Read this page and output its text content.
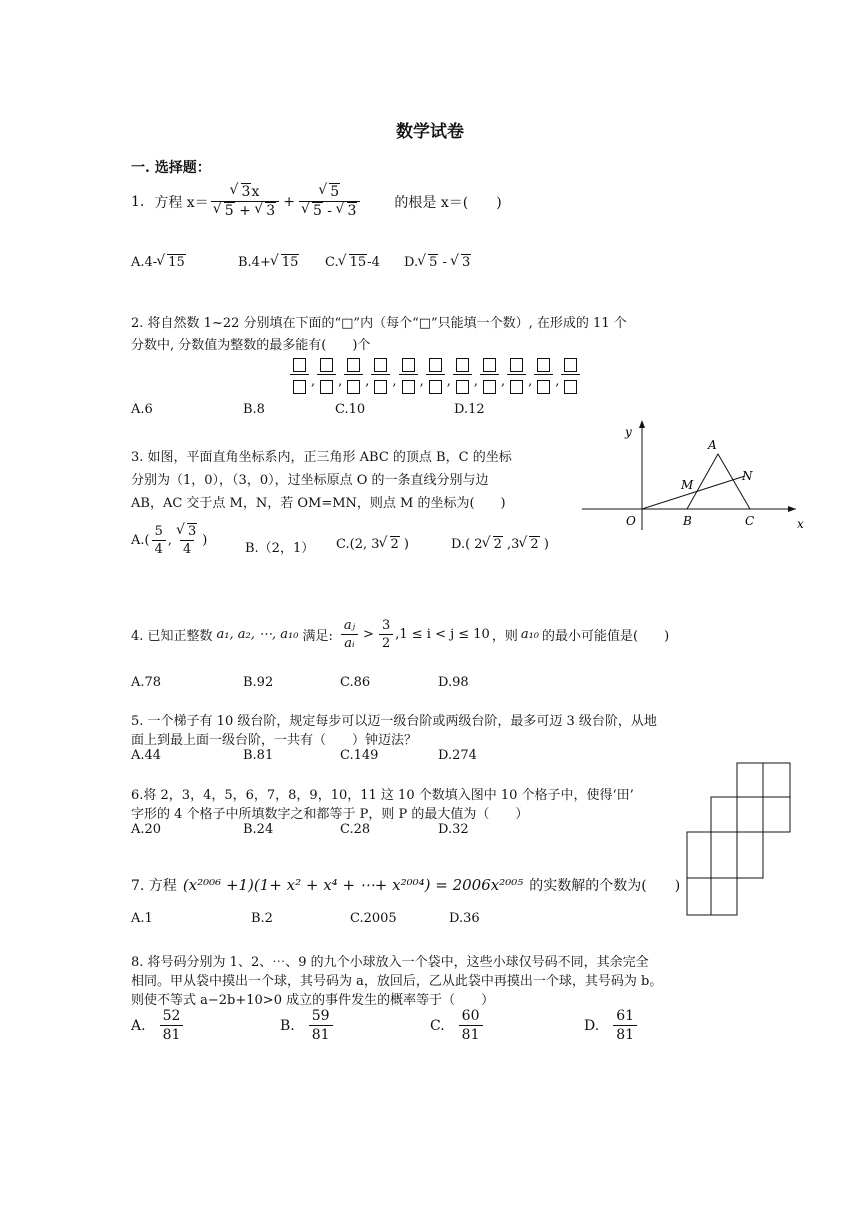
数学试卷
一. 选择题：
1. 方程 x＝ √ 3x
√ 5 + √ 3 + √ 5
√ 5 - √ 3 的根是 x＝(　　)
A.4- √ 15	B.4+ √ 15 C. √ 15-4 D. √ 5 - √ 3
2. 将自然数 1~22 分别填在下面的“□”内（每个“□”只能填一个数）, 在形成的 11 个
分数中, 分数值为整数的最多能有(　　)个
, , , , , , , , , ,
A.6	B.8	C.10	D.12
3. 如图，平面直角坐标系内，正三角形 ABC 的顶点 B，C 的坐标
分别为（1，0），（3，0），过坐标原点 O 的一条直线分别与边
AB，AC 交于点 M，N，若 OM=MN，则点 M 的坐标为(　　)
$A.( \frac{5}{4}$ , √ $\frac{3}{4}$ )
B.（2，1） C.(2, 3 √ 2 )	D.( 2 √ 2 ,3 √ 2 )
y
x
O
A
B	C
M
N
4. 已知正整数 a₁, a₂, ⋯, a₁₀ 满足: $\frac{\text{aⱼ}}{\text{aᵢ}} > \frac{3}{2} ,1 \le i < j \le 10$ ，则 a₁₀ 的最小可能值是(　　)
A.78	B.92	C.86	D.98
5. 一个梯子有 10 级台阶，规定每步可以迈一级台阶或两级台阶，最多可迈 3 级台阶，从地
面上到最上面一级台阶，一共有（　　）钟迈法？
A.44	B.81	C.149	D.274
6.将 2，3，4，5，6，7，8，9，10，11 这 10 个数填入图中 10 个格子中，使得‘田’
字形的 4 个格子中所填数字之和都等于 P，则 P 的最大值为（　　）
A.20	B.24	C.28	D.32
7. 方程 (x²⁰⁰⁶ +1)(1+ x² + x⁴ + ⋯+ x²⁰⁰⁴) = 2006x²⁰⁰⁵ 的实数解的个数为(　　)
A.1	B.2	C.2005	D.36
8. 将号码分别为 1、2、⋯、9 的九个小球放入一个袋中，这些小球仅号码不同，其余完全
相同。甲从袋中摸出一个球，其号码为 a，放回后，乙从此袋中再摸出一个球，其号码为 b。
则使不等式 a−2b+10>0 成立的事件发生的概率等于（　　）
A. $\frac{52}{81}$	B. $\frac{59}{81}$	C. $\frac{60}{81}$	D. $\frac{61}{81}$
